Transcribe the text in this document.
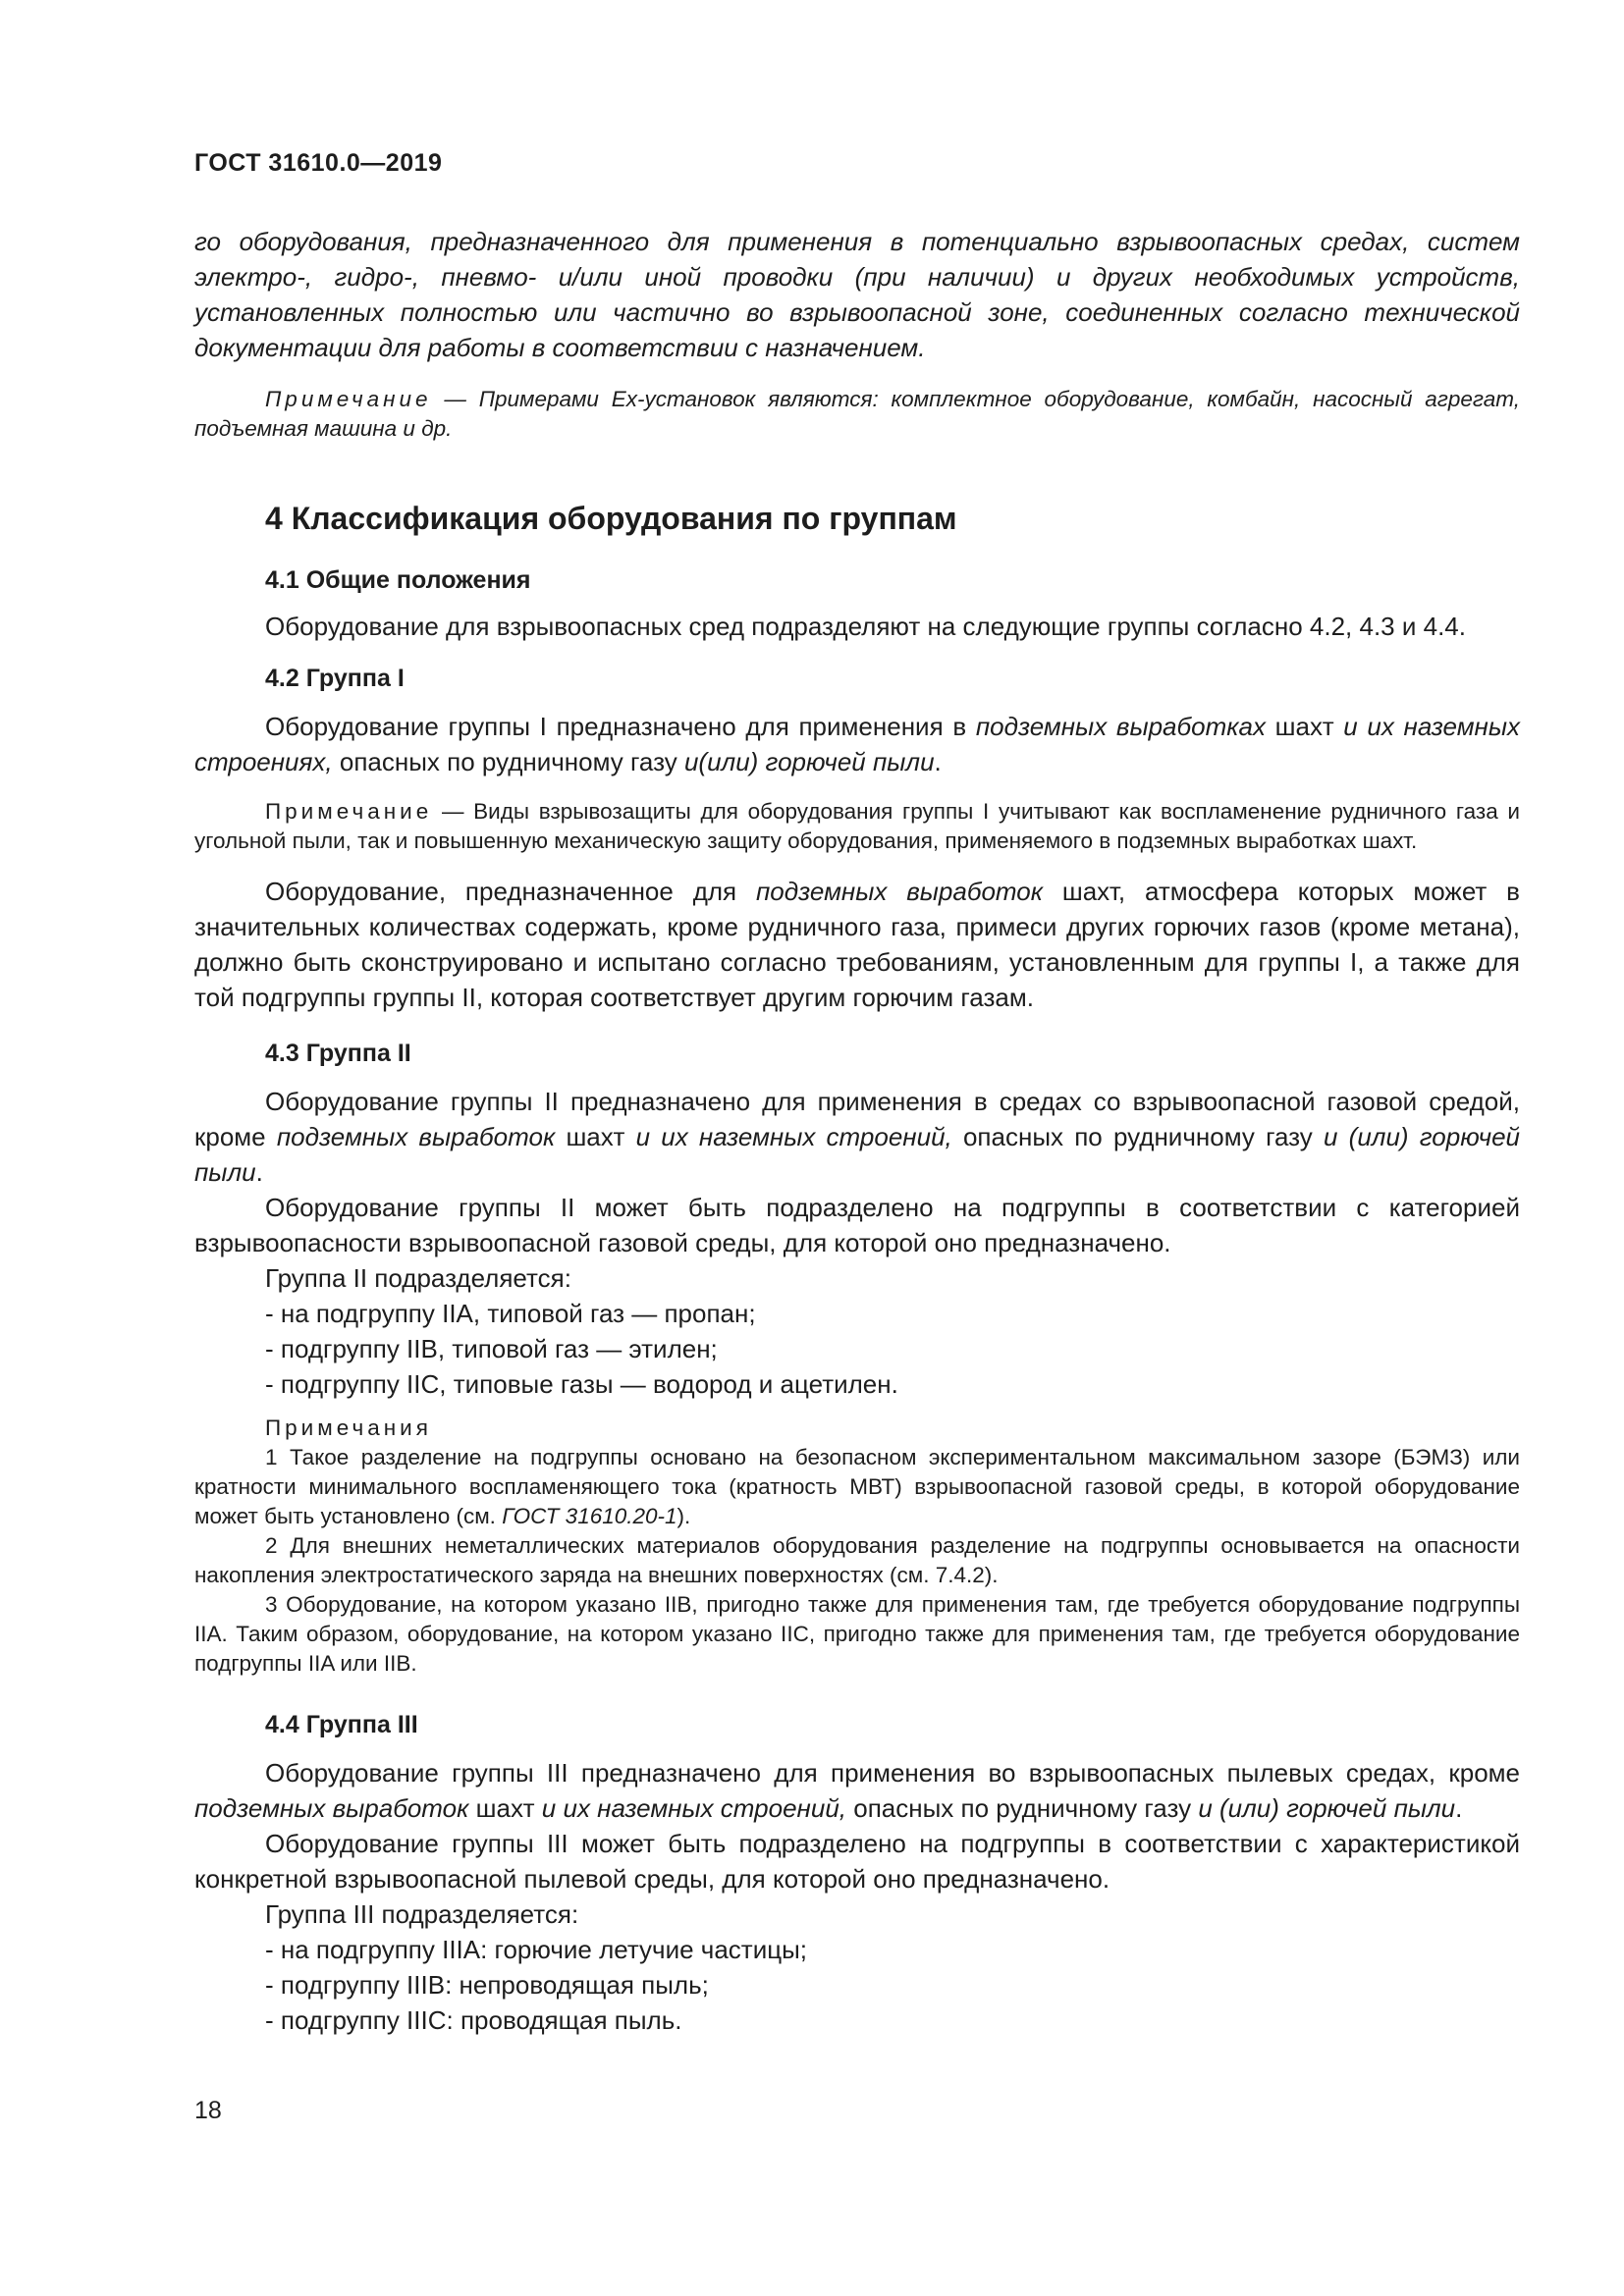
ГОСТ 31610.0—2019

го оборудования, предназначенного для применения в потенциально взрывоопасных средах, систем электро-, гидро-, пневмо- и/или иной проводки (при наличии) и других необходимых устройств, установленных полностью или частично во взрывоопасной зоне, соединенных согласно технической документации для работы в соответствии с назначением.

Примечание — Примерами Ex-установок являются: комплектное оборудование, комбайн, насосный агрегат, подъемная машина и др.

4 Классификация оборудования по группам
4.1 Общие положения

Оборудование для взрывоопасных сред подразделяют на следующие группы согласно 4.2, 4.3 и 4.4.

4.2 Группа I

Оборудование группы I предназначено для применения в подземных выработках шахт и их наземных строениях, опасных по рудничному газу и(или) горючей пыли.

Примечание — Виды взрывозащиты для оборудования группы I учитывают как воспламенение рудничного газа и угольной пыли, так и повышенную механическую защиту оборудования, применяемого в подземных выработках шахт.

Оборудование, предназначенное для подземных выработок шахт, атмосфера которых может в значительных количествах содержать, кроме рудничного газа, примеси других горючих газов (кроме метана), должно быть сконструировано и испытано согласно требованиям, установленным для группы I, а также для той подгруппы группы II, которая соответствует другим горючим газам.

4.3 Группа II

Оборудование группы II предназначено для применения в средах со взрывоопасной газовой средой, кроме подземных выработок шахт и их наземных строений, опасных по рудничному газу и (или) горючей пыли.

Оборудование группы II может быть подразделено на подгруппы в соответствии с категорией взрывоопасности взрывоопасной газовой среды, для которой оно предназначено.

Группа II подразделяется:
- на подгруппу IIA, типовой газ — пропан;
- подгруппу IIB, типовой газ — этилен;
- подгруппу IIC, типовые газы — водород и ацетилен.
Примечания

1 Такое разделение на подгруппы основано на безопасном экспериментальном максимальном зазоре (БЭМЗ) или кратности минимального воспламеняющего тока (кратность МВТ) взрывоопасной газовой среды, в которой оборудование может быть установлено (см. ГОСТ 31610.20-1).

2 Для внешних неметаллических материалов оборудования разделение на подгруппы основывается на опасности накопления электростатического заряда на внешних поверхностях (см. 7.4.2).

3 Оборудование, на котором указано IIB, пригодно также для применения там, где требуется оборудование подгруппы IIA. Таким образом, оборудование, на котором указано IIC, пригодно также для применения там, где требуется оборудование подгруппы IIA или IIB.

4.4 Группа III

Оборудование группы III предназначено для применения во взрывоопасных пылевых средах, кроме подземных выработок шахт и их наземных строений, опасных по рудничному газу и (или) горючей пыли.

Оборудование группы III может быть подразделено на подгруппы в соответствии с характеристикой конкретной взрывоопасной пылевой среды, для которой оно предназначено.

Группа III подразделяется:
- на подгруппу IIIA: горючие летучие частицы;
- подгруппу IIIB: непроводящая пыль;
- подгруппу IIIC: проводящая пыль.
18
